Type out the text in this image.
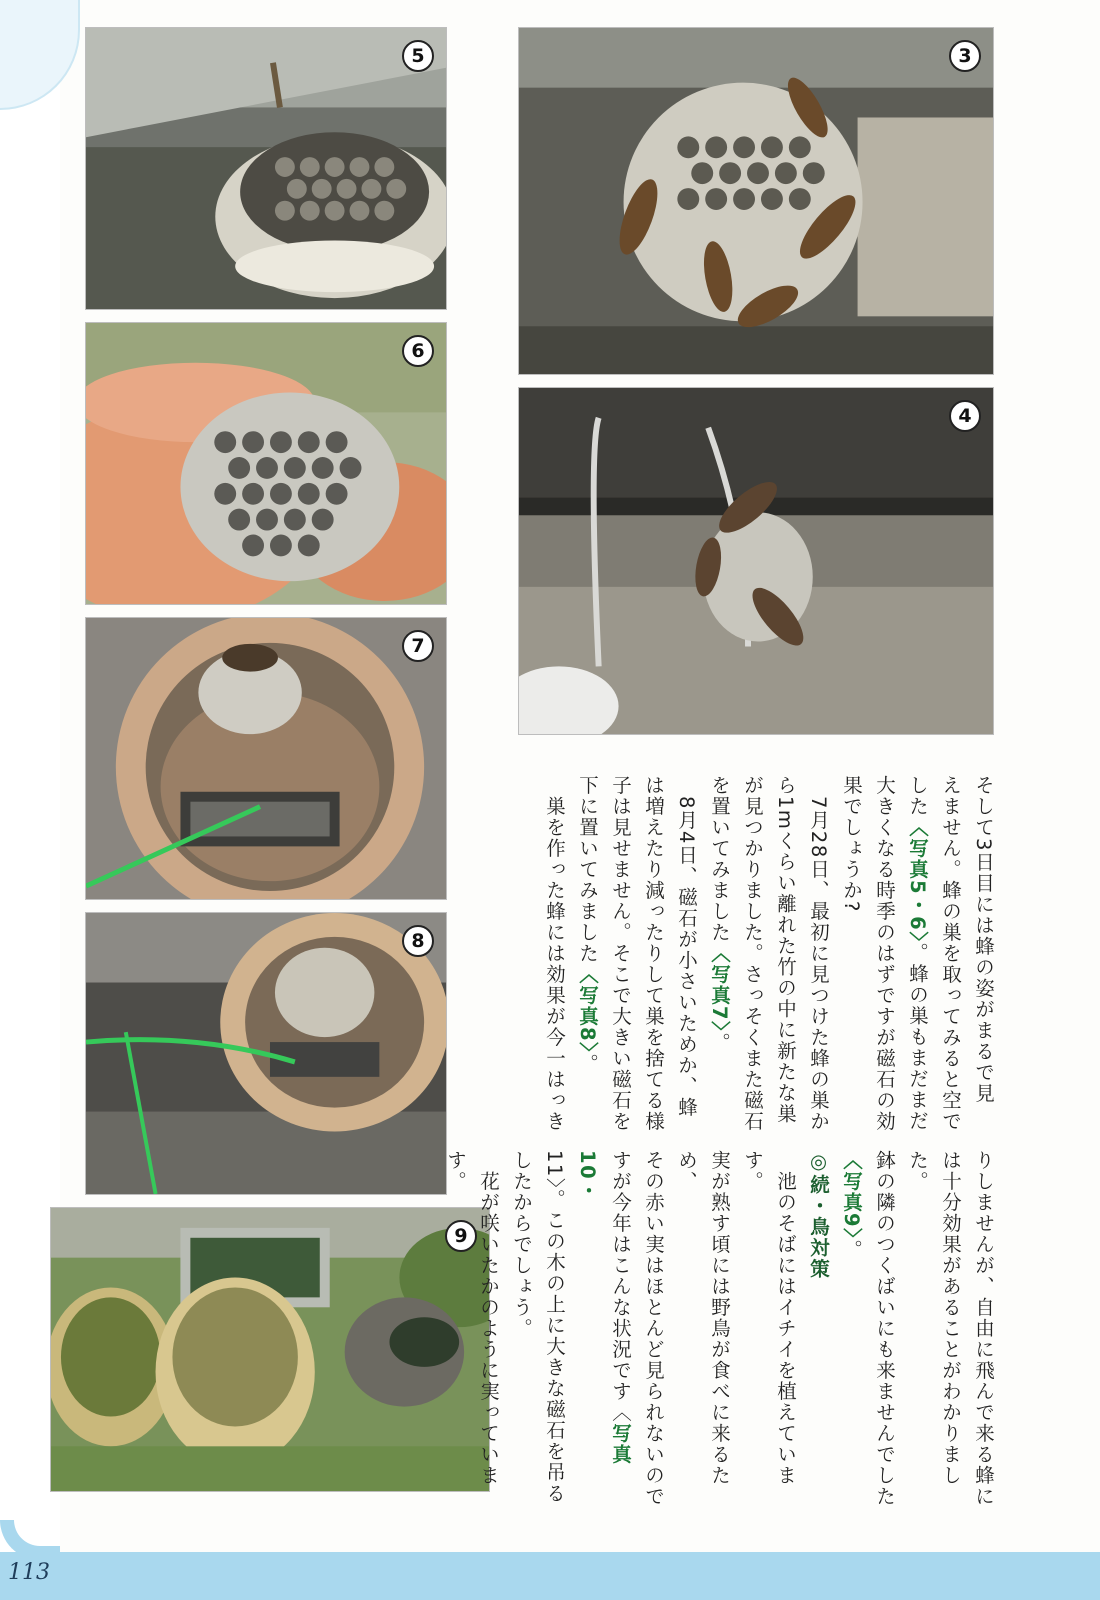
113
5	3
6
4
7
8
9
そして3日目には蜂の姿がまるで見
えません。蜂の巣を取ってみると空で
した〈写真5・6〉。蜂の巣もまだまだ
大きくなる時季のはずですが磁石の効
果でしょうか?
　7月28日、最初に見つけた蜂の巣か
ら1mくらい離れた竹の中に新たな巣
が見つかりました。さっそくまた磁石
を置いてみました〈写真7〉。
　8月4日、磁石が小さいためか、蜂
は増えたり減ったりして巣を捨てる様
子は見せません。そこで大きい磁石を
下に置いてみました〈写真8〉。
　巣を作った蜂には効果が今一はっき

りしませんが、自由に飛んで来る蜂に
は十分効果があることがわかりました。
鉢の隣のつくばいにも来ませんでした
〈写真9〉。
◎続・鳥対策
　池のそばにはイチイを植えています。
実が熟す頃には野鳥が食べに来るため、
その赤い実はほとんど見られないので
すが今年はこんな状況です〈写真10・
11〉。この木の上に大きな磁石を吊る
したからでしょう。
　花が咲いたかのように実っています。
